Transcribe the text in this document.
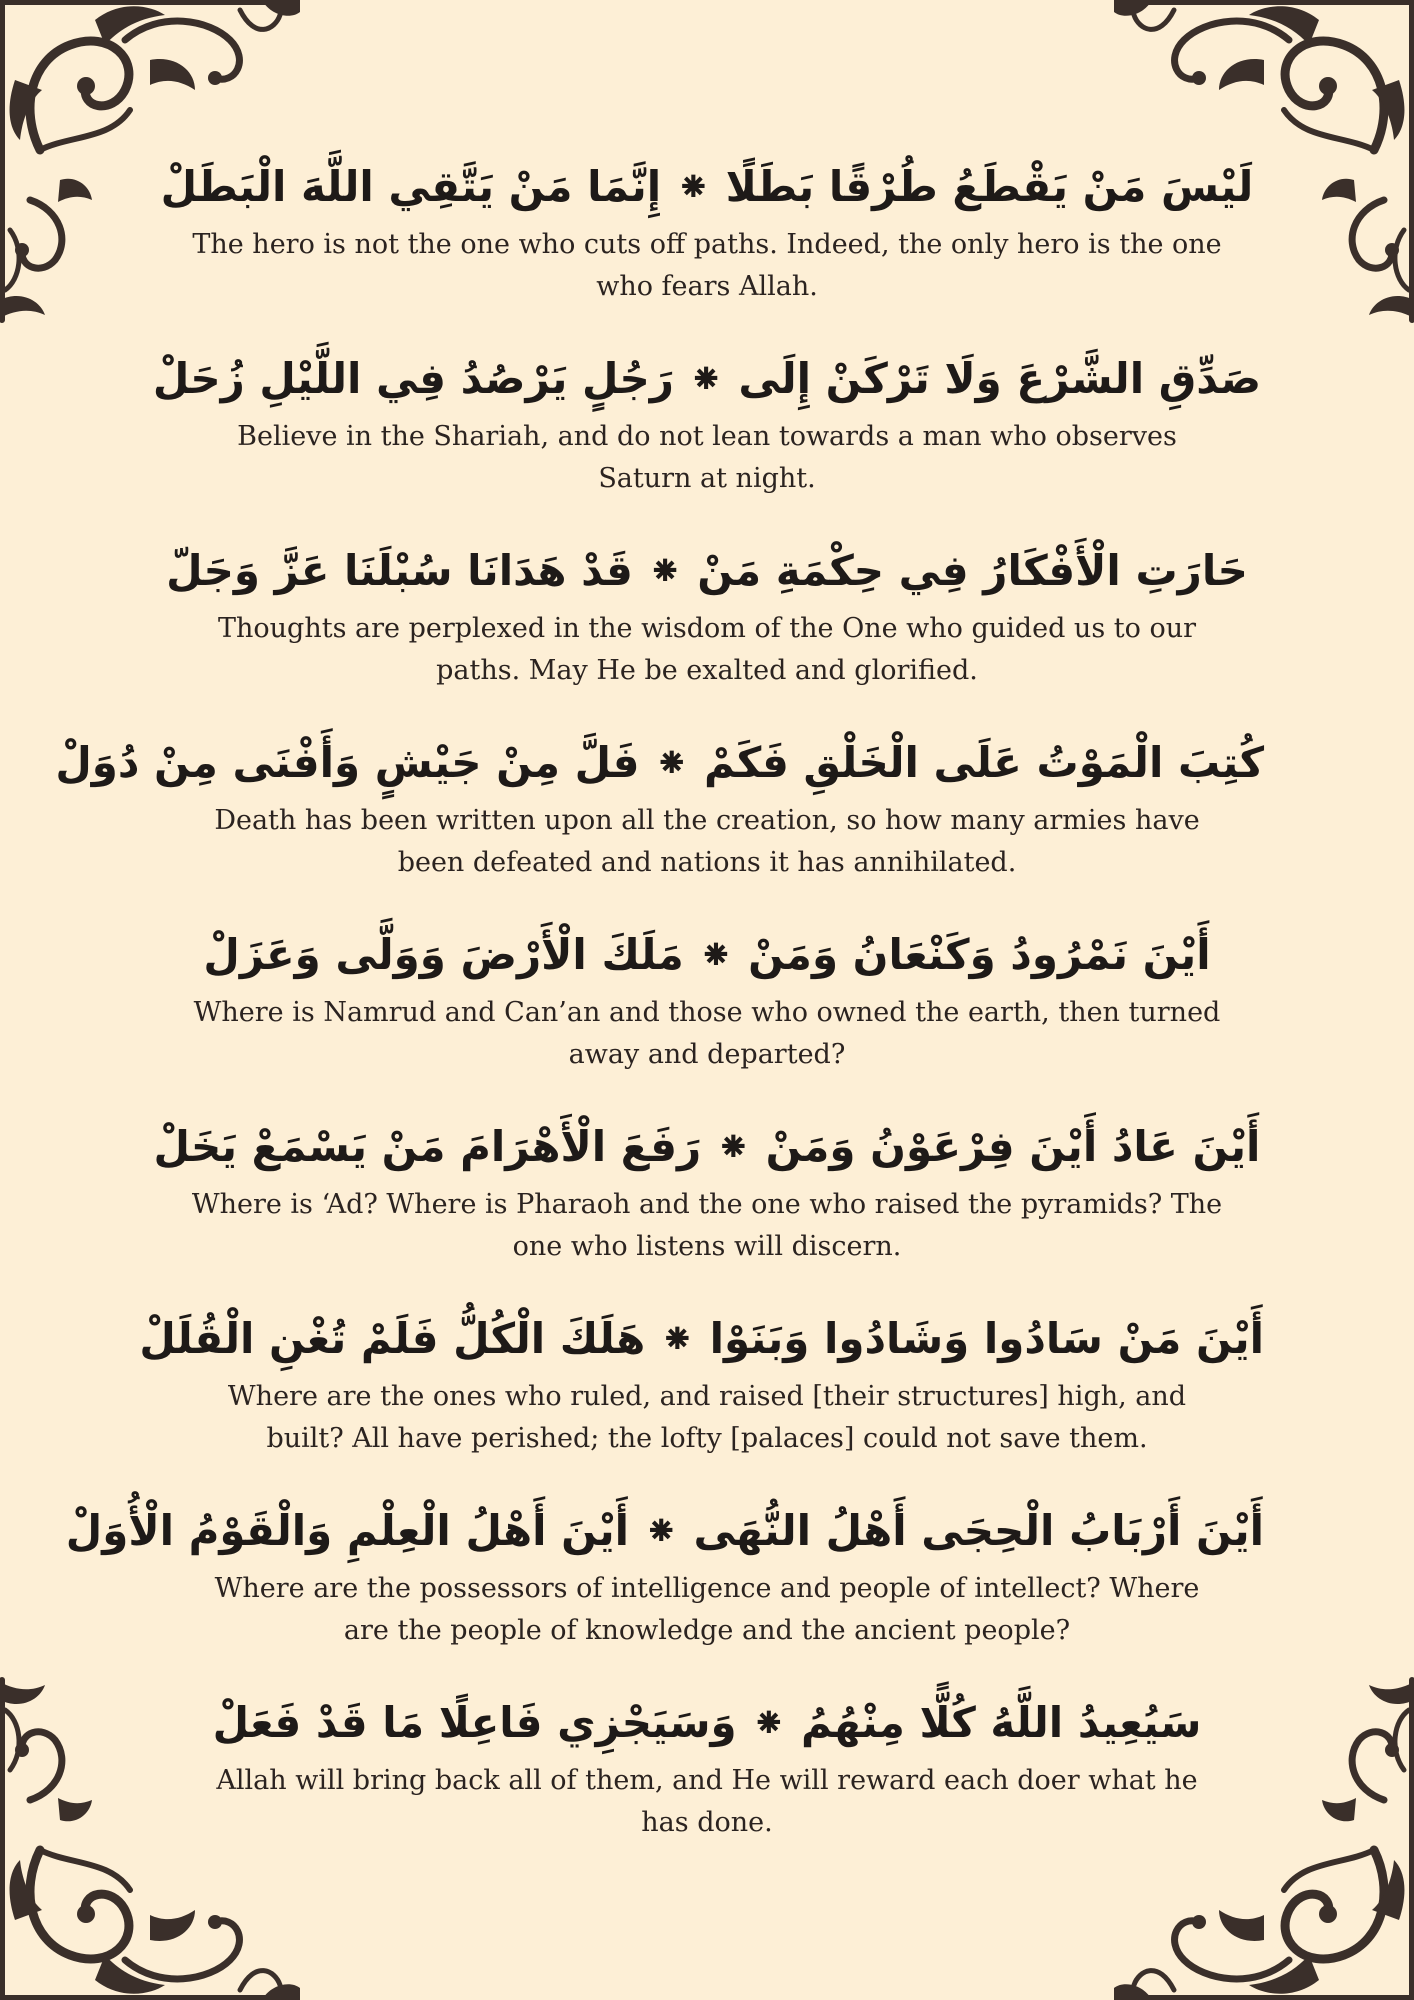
لَيْسَ مَنْ يَقْطَعُ طُرْقًا بَطَلًا ⁕ إِنَّمَا مَنْ يَتَّقِي اللَّهَ الْبَطَلْ
The hero is not the one who cuts off paths. Indeed, the only hero is the one who fears Allah.
صَدِّقِ الشَّرْعَ وَلَا تَرْكَنْ إِلَى ⁕ رَجُلٍ يَرْصُدُ فِي اللَّيْلِ زُحَلْ
Believe in the Shariah, and do not lean towards a man who observes Saturn at night.
حَارَتِ الْأَفْكَارُ فِي حِكْمَةِ مَنْ ⁕ قَدْ هَدَانَا سُبْلَنَا عَزَّ وَجَلّ
Thoughts are perplexed in the wisdom of the One who guided us to our paths. May He be exalted and glorified.
كُتِبَ الْمَوْتُ عَلَى الْخَلْقِ فَكَمْ ⁕ فَلَّ مِنْ جَيْشٍ وَأَفْنَى مِنْ دُوَلْ
Death has been written upon all the creation, so how many armies have been defeated and nations it has annihilated.
أَيْنَ نَمْرُودُ وَكَنْعَانُ وَمَنْ ⁕ مَلَكَ الْأَرْضَ وَوَلَّى وَعَزَلْ
Where is Namrud and Can’an and those who owned the earth, then turned away and departed?
أَيْنَ عَادُ أَيْنَ فِرْعَوْنُ وَمَنْ ⁕ رَفَعَ الْأَهْرَامَ مَنْ يَسْمَعْ يَخَلْ
Where is ‘Ad? Where is Pharaoh and the one who raised the pyramids? The one who listens will discern.
أَيْنَ مَنْ سَادُوا وَشَادُوا وَبَنَوْا ⁕ هَلَكَ الْكُلُّ فَلَمْ تُغْنِ الْقُلَلْ
Where are the ones who ruled, and raised [their structures] high, and built? All have perished; the lofty [palaces] could not save them.
أَيْنَ أَرْبَابُ الْحِجَى أَهْلُ النُّهَى ⁕ أَيْنَ أَهْلُ الْعِلْمِ وَالْقَوْمُ الْأُوَلْ
Where are the possessors of intelligence and people of intellect? Where are the people of knowledge and the ancient people?
سَيُعِيدُ اللَّهُ كُلًّا مِنْهُمُ ⁕ وَسَيَجْزِي فَاعِلًا مَا قَدْ فَعَلْ
Allah will bring back all of them, and He will reward each doer what he has done.
